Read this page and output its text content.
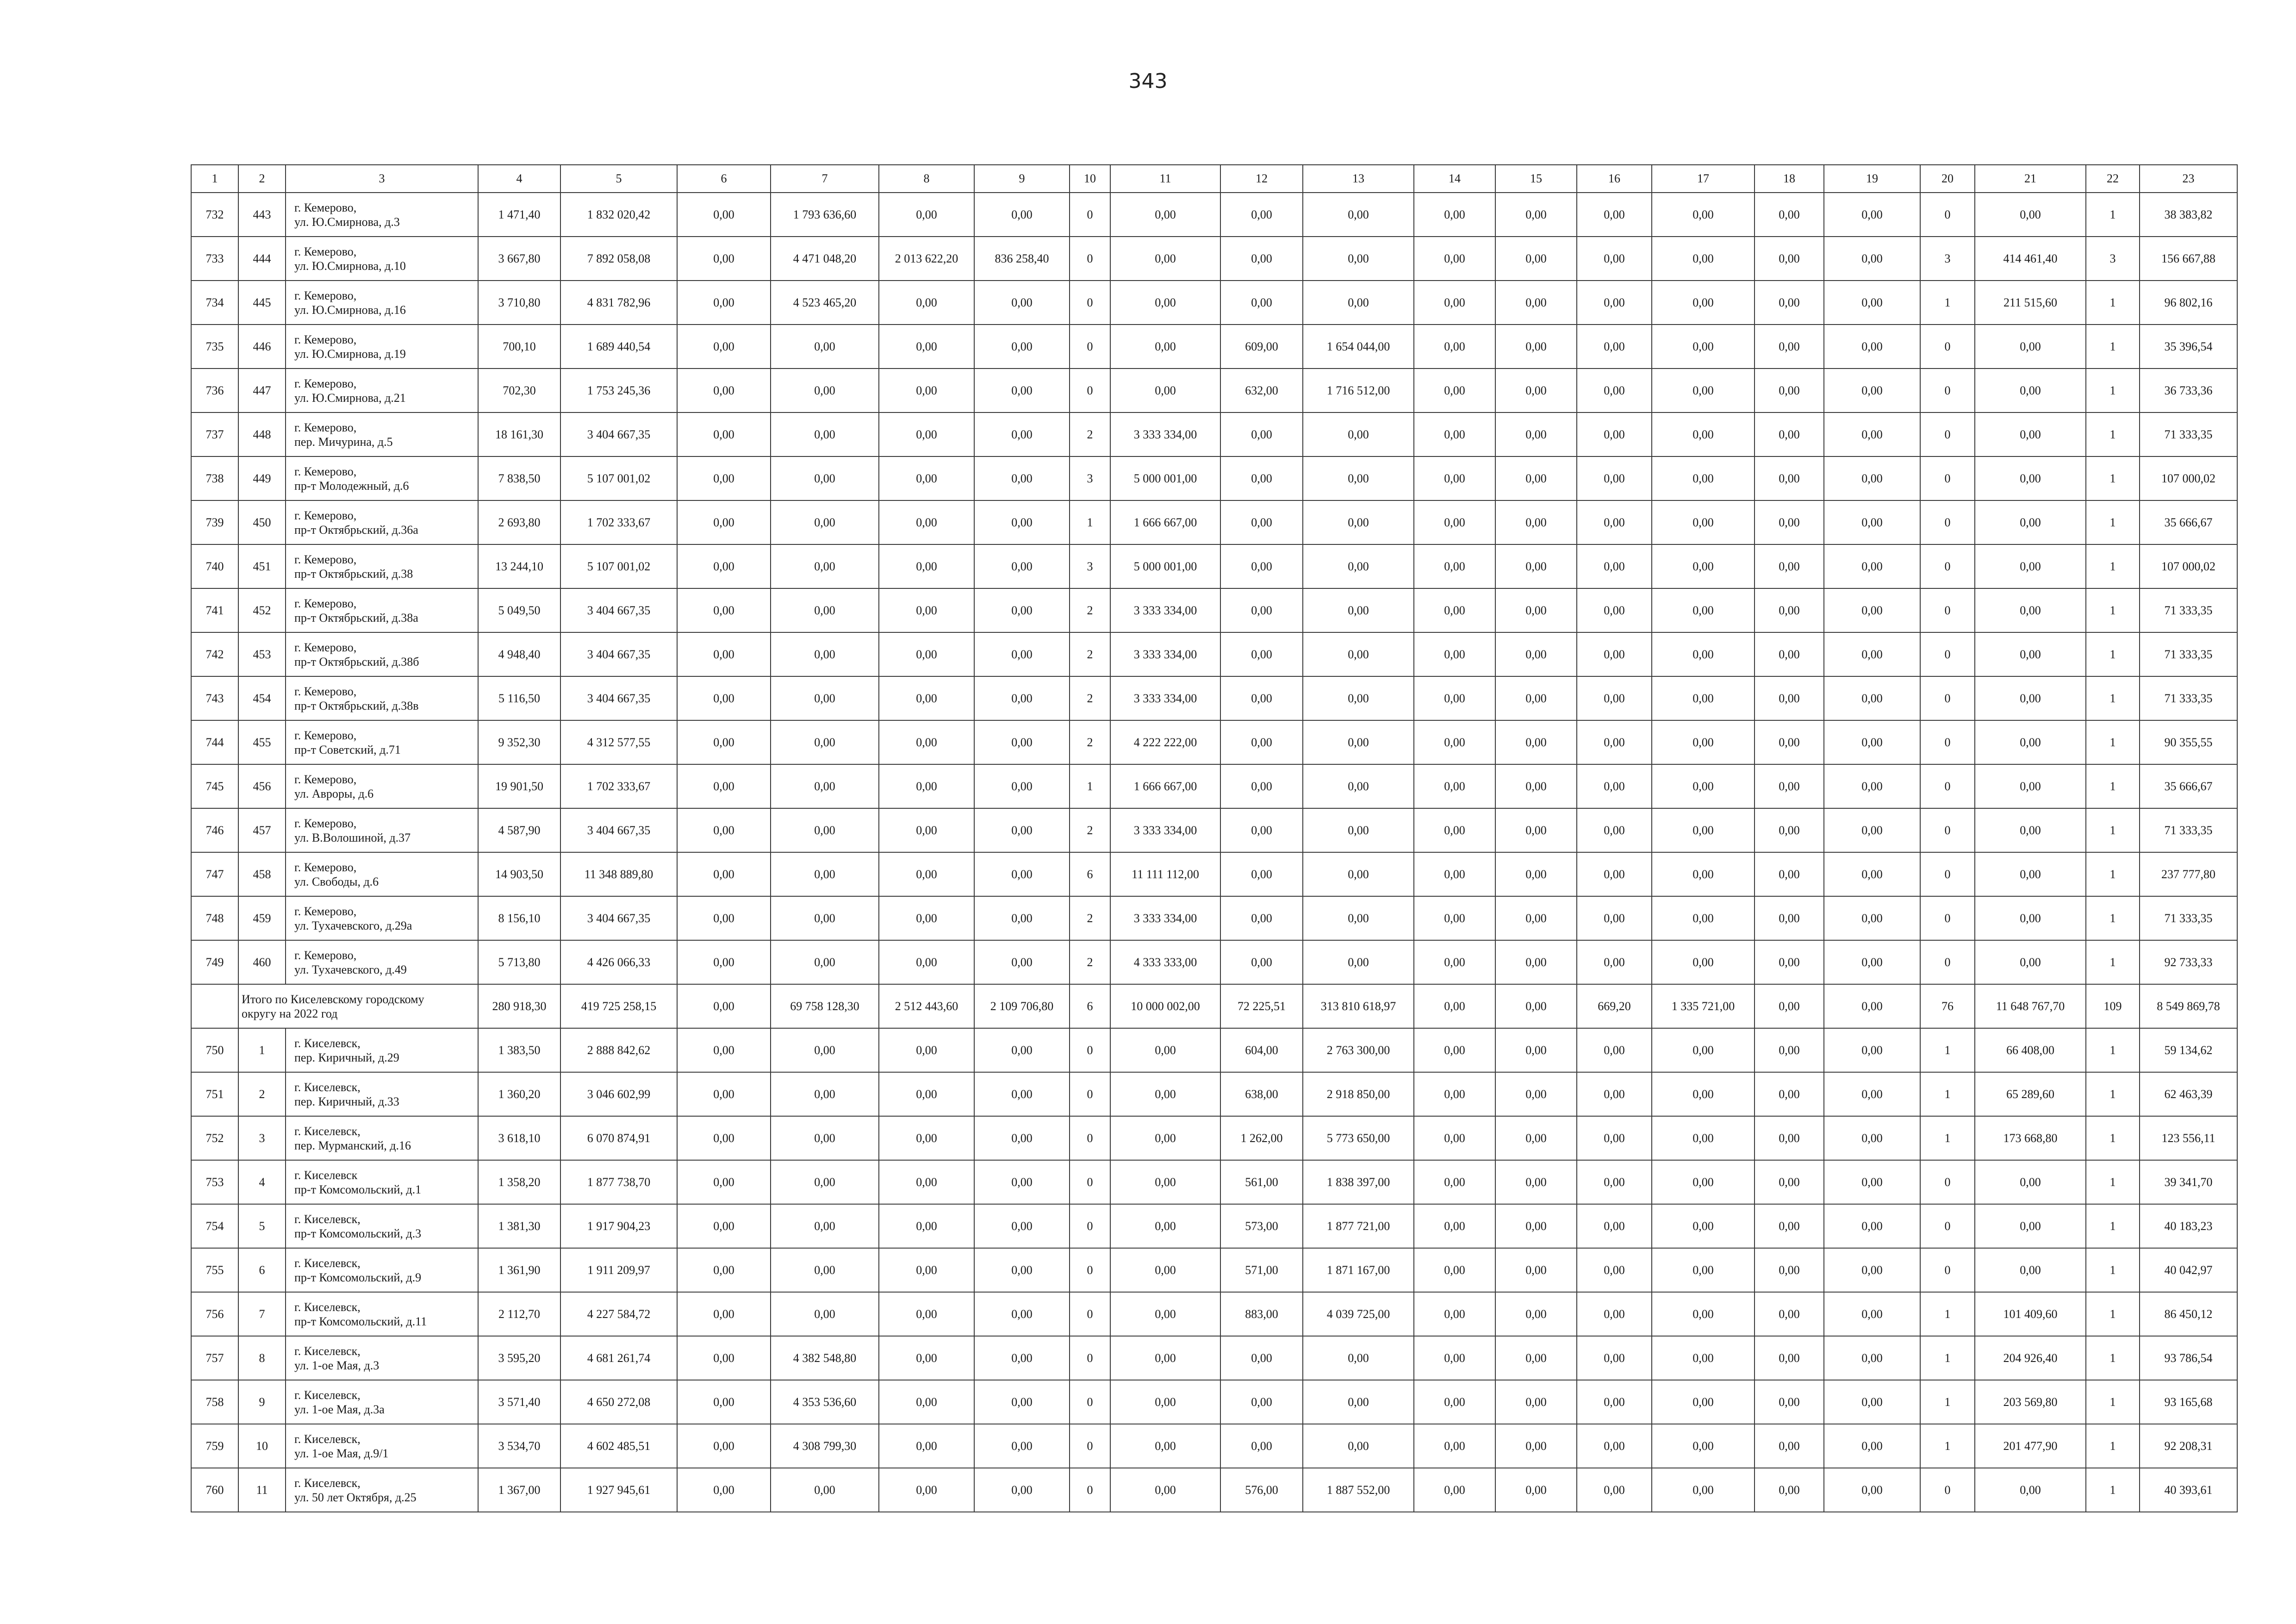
343
1	2	3	4	5	6	7	8	9	10	11	12	13	14	15	16	17	18	19	20	21	22	23
732	443	г. Кемерово,
ул. Ю.Смирнова, д.3	1 471,40	1 832 020,42	0,00	1 793 636,60	0,00	0,00	0	0,00	0,00	0,00	0,00	0,00	0,00	0,00	0,00	0,00	0	0,00	1	38 383,82
733	444	г. Кемерово,
ул. Ю.Смирнова, д.10	3 667,80	7 892 058,08	0,00	4 471 048,20	2 013 622,20	836 258,40	0	0,00	0,00	0,00	0,00	0,00	0,00	0,00	0,00	0,00	3	414 461,40	3	156 667,88
734	445	г. Кемерово,
ул. Ю.Смирнова, д.16	3 710,80	4 831 782,96	0,00	4 523 465,20	0,00	0,00	0	0,00	0,00	0,00	0,00	0,00	0,00	0,00	0,00	0,00	1	211 515,60	1	96 802,16
735	446	г. Кемерово,
ул. Ю.Смирнова, д.19	700,10	1 689 440,54	0,00	0,00	0,00	0,00	0	0,00	609,00	1 654 044,00	0,00	0,00	0,00	0,00	0,00	0,00	0	0,00	1	35 396,54
736	447	г. Кемерово,
ул. Ю.Смирнова, д.21	702,30	1 753 245,36	0,00	0,00	0,00	0,00	0	0,00	632,00	1 716 512,00	0,00	0,00	0,00	0,00	0,00	0,00	0	0,00	1	36 733,36
737	448	г. Кемерово,
пер. Мичурина, д.5	18 161,30	3 404 667,35	0,00	0,00	0,00	0,00	2	3 333 334,00	0,00	0,00	0,00	0,00	0,00	0,00	0,00	0,00	0	0,00	1	71 333,35
738	449	г. Кемерово,
пр-т Молодежный, д.6	7 838,50	5 107 001,02	0,00	0,00	0,00	0,00	3	5 000 001,00	0,00	0,00	0,00	0,00	0,00	0,00	0,00	0,00	0	0,00	1	107 000,02
739	450	г. Кемерово,
пр-т Октябрьский, д.36а	2 693,80	1 702 333,67	0,00	0,00	0,00	0,00	1	1 666 667,00	0,00	0,00	0,00	0,00	0,00	0,00	0,00	0,00	0	0,00	1	35 666,67
740	451	г. Кемерово,
пр-т Октябрьский, д.38	13 244,10	5 107 001,02	0,00	0,00	0,00	0,00	3	5 000 001,00	0,00	0,00	0,00	0,00	0,00	0,00	0,00	0,00	0	0,00	1	107 000,02
741	452	г. Кемерово,
пр-т Октябрьский, д.38а	5 049,50	3 404 667,35	0,00	0,00	0,00	0,00	2	3 333 334,00	0,00	0,00	0,00	0,00	0,00	0,00	0,00	0,00	0	0,00	1	71 333,35
742	453	г. Кемерово,
пр-т Октябрьский, д.38б	4 948,40	3 404 667,35	0,00	0,00	0,00	0,00	2	3 333 334,00	0,00	0,00	0,00	0,00	0,00	0,00	0,00	0,00	0	0,00	1	71 333,35
743	454	г. Кемерово,
пр-т Октябрьский, д.38в	5 116,50	3 404 667,35	0,00	0,00	0,00	0,00	2	3 333 334,00	0,00	0,00	0,00	0,00	0,00	0,00	0,00	0,00	0	0,00	1	71 333,35
744	455	г. Кемерово,
пр-т Советский, д.71	9 352,30	4 312 577,55	0,00	0,00	0,00	0,00	2	4 222 222,00	0,00	0,00	0,00	0,00	0,00	0,00	0,00	0,00	0	0,00	1	90 355,55
745	456	г. Кемерово,
ул. Авроры, д.6	19 901,50	1 702 333,67	0,00	0,00	0,00	0,00	1	1 666 667,00	0,00	0,00	0,00	0,00	0,00	0,00	0,00	0,00	0	0,00	1	35 666,67
746	457	г. Кемерово,
ул. В.Волошиной, д.37	4 587,90	3 404 667,35	0,00	0,00	0,00	0,00	2	3 333 334,00	0,00	0,00	0,00	0,00	0,00	0,00	0,00	0,00	0	0,00	1	71 333,35
747	458	г. Кемерово,
ул. Свободы, д.6	14 903,50	11 348 889,80	0,00	0,00	0,00	0,00	6	11 111 112,00	0,00	0,00	0,00	0,00	0,00	0,00	0,00	0,00	0	0,00	1	237 777,80
748	459	г. Кемерово,
ул. Тухачевского, д.29а	8 156,10	3 404 667,35	0,00	0,00	0,00	0,00	2	3 333 334,00	0,00	0,00	0,00	0,00	0,00	0,00	0,00	0,00	0	0,00	1	71 333,35
749	460	г. Кемерово,
ул. Тухачевского, д.49	5 713,80	4 426 066,33	0,00	0,00	0,00	0,00	2	4 333 333,00	0,00	0,00	0,00	0,00	0,00	0,00	0,00	0,00	0	0,00	1	92 733,33

	Итого по Киселевскому городскому
округу на 2022 год		280 918,30	419 725 258,15	0,00	69 758 128,30	2 512 443,60	2 109 706,80	6	10 000 002,00	72 225,51	313 810 618,97	0,00	0,00	669,20	1 335 721,00	0,00	0,00	76	11 648 767,70	109	8 549 869,78
750	1	г. Киселевск,
пер. Киричный, д.29	1 383,50	2 888 842,62	0,00	0,00	0,00	0,00	0	0,00	604,00	2 763 300,00	0,00	0,00	0,00	0,00	0,00	0,00	1	66 408,00	1	59 134,62
751	2	г. Киселевск,
пер. Киричный, д.33	1 360,20	3 046 602,99	0,00	0,00	0,00	0,00	0	0,00	638,00	2 918 850,00	0,00	0,00	0,00	0,00	0,00	0,00	1	65 289,60	1	62 463,39
752	3	г. Киселевск,
пер. Мурманский, д.16	3 618,10	6 070 874,91	0,00	0,00	0,00	0,00	0	0,00	1 262,00	5 773 650,00	0,00	0,00	0,00	0,00	0,00	0,00	1	173 668,80	1	123 556,11
753	4	г. Киселевск
пр-т Комсомольский, д.1	1 358,20	1 877 738,70	0,00	0,00	0,00	0,00	0	0,00	561,00	1 838 397,00	0,00	0,00	0,00	0,00	0,00	0,00	0	0,00	1	39 341,70
754	5	г. Киселевск,
пр-т Комсомольский, д.3	1 381,30	1 917 904,23	0,00	0,00	0,00	0,00	0	0,00	573,00	1 877 721,00	0,00	0,00	0,00	0,00	0,00	0,00	0	0,00	1	40 183,23
755	6	г. Киселевск,
пр-т Комсомольский, д.9	1 361,90	1 911 209,97	0,00	0,00	0,00	0,00	0	0,00	571,00	1 871 167,00	0,00	0,00	0,00	0,00	0,00	0,00	0	0,00	1	40 042,97
756	7	г. Киселевск,
пр-т Комсомольский, д.11	2 112,70	4 227 584,72	0,00	0,00	0,00	0,00	0	0,00	883,00	4 039 725,00	0,00	0,00	0,00	0,00	0,00	0,00	1	101 409,60	1	86 450,12
757	8	г. Киселевск,
ул. 1-ое Мая, д.3	3 595,20	4 681 261,74	0,00	4 382 548,80	0,00	0,00	0	0,00	0,00	0,00	0,00	0,00	0,00	0,00	0,00	0,00	1	204 926,40	1	93 786,54
758	9	г. Киселевск,
ул. 1-ое Мая, д.3а	3 571,40	4 650 272,08	0,00	4 353 536,60	0,00	0,00	0	0,00	0,00	0,00	0,00	0,00	0,00	0,00	0,00	0,00	1	203 569,80	1	93 165,68
759	10	г. Киселевск,
ул. 1-ое Мая, д.9/1	3 534,70	4 602 485,51	0,00	4 308 799,30	0,00	0,00	0	0,00	0,00	0,00	0,00	0,00	0,00	0,00	0,00	0,00	1	201 477,90	1	92 208,31
760	11	г. Киселевск,
ул. 50 лет Октября, д.25	1 367,00	1 927 945,61	0,00	0,00	0,00	0,00	0	0,00	576,00	1 887 552,00	0,00	0,00	0,00	0,00	0,00	0,00	0	0,00	1	40 393,61
